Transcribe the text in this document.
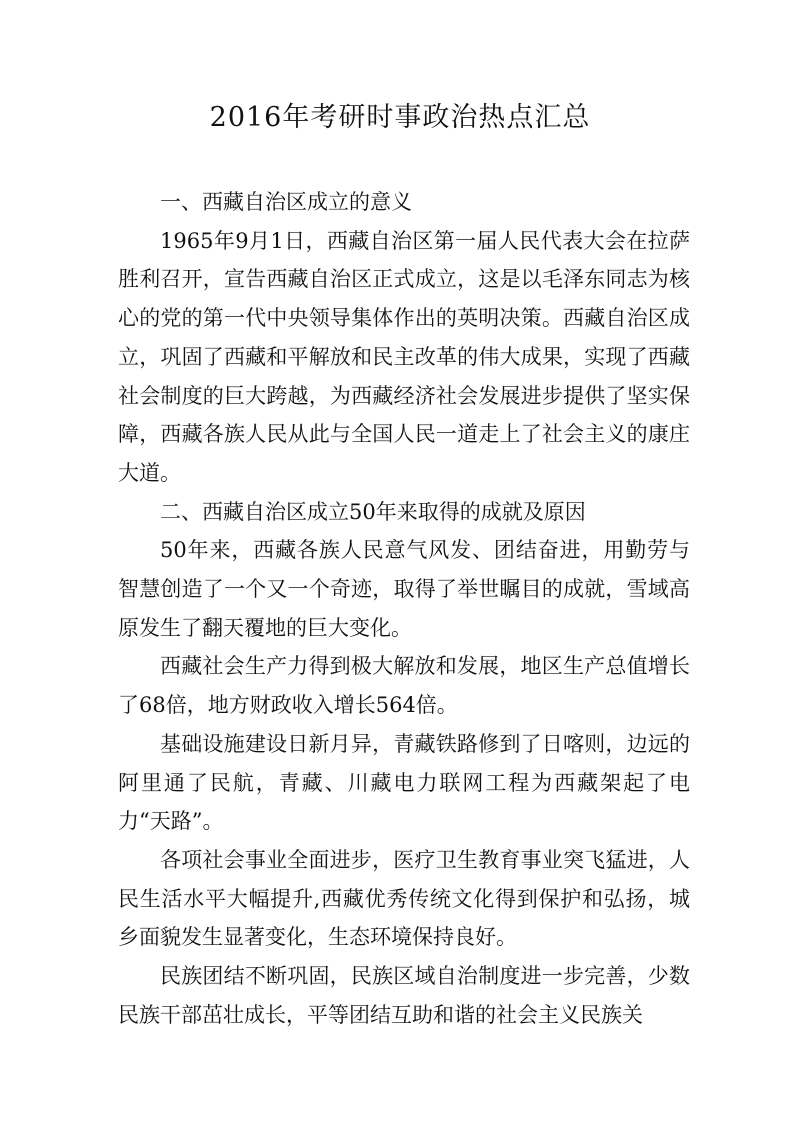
2016年考研时事政治热点汇总
一、西藏自治区成立的意义

1965年9月1日，西藏自治区第一届人民代表大会在拉萨胜利召开，宣告西藏自治区正式成立，这是以毛泽东同志为核心的党的第一代中央领导集体作出的英明决策。西藏自治区成立，巩固了西藏和平解放和民主改革的伟大成果，实现了西藏社会制度的巨大跨越，为西藏经济社会发展进步提供了坚实保障，西藏各族人民从此与全国人民一道走上了社会主义的康庄大道。

二、西藏自治区成立50年来取得的成就及原因

50年来，西藏各族人民意气风发、团结奋进，用勤劳与智慧创造了一个又一个奇迹，取得了举世瞩目的成就，雪域高原发生了翻天覆地的巨大变化。

西藏社会生产力得到极大解放和发展，地区生产总值增长了68倍，地方财政收入增长564倍。

基础设施建设日新月异，青藏铁路修到了日喀则，边远的阿里通了民航，青藏、川藏电力联网工程为西藏架起了电力“天路”。

各项社会事业全面进步，医疗卫生教育事业突飞猛进，人民生活水平大幅提升,西藏优秀传统文化得到保护和弘扬，城乡面貌发生显著变化，生态环境保持良好。

民族团结不断巩固，民族区域自治制度进一步完善，少数民族干部茁壮成长，平等团结互助和谐的社会主义民族关
